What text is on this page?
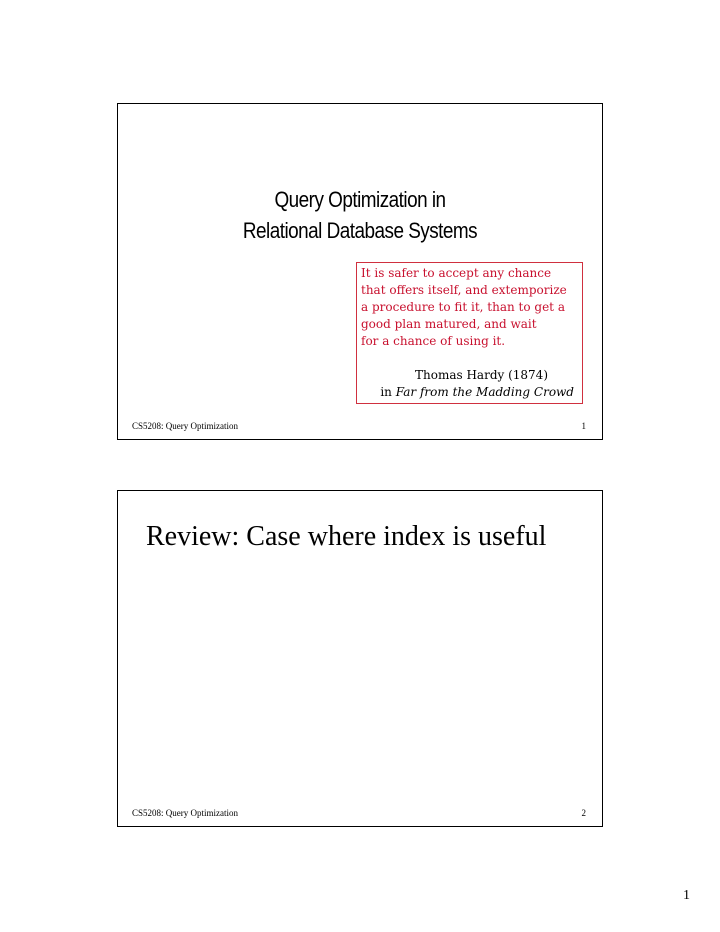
Query Optimization in
Relational Database Systems
It is safer to accept any chance
that offers itself, and extemporize
a procedure to fit it, than to get a
good plan matured, and wait
for a chance of using it.
Thomas Hardy (1874)
in Far from the Madding Crowd
CS5208: Query Optimization	1
Review: Case where index is useful
CS5208: Query Optimization	2
1
